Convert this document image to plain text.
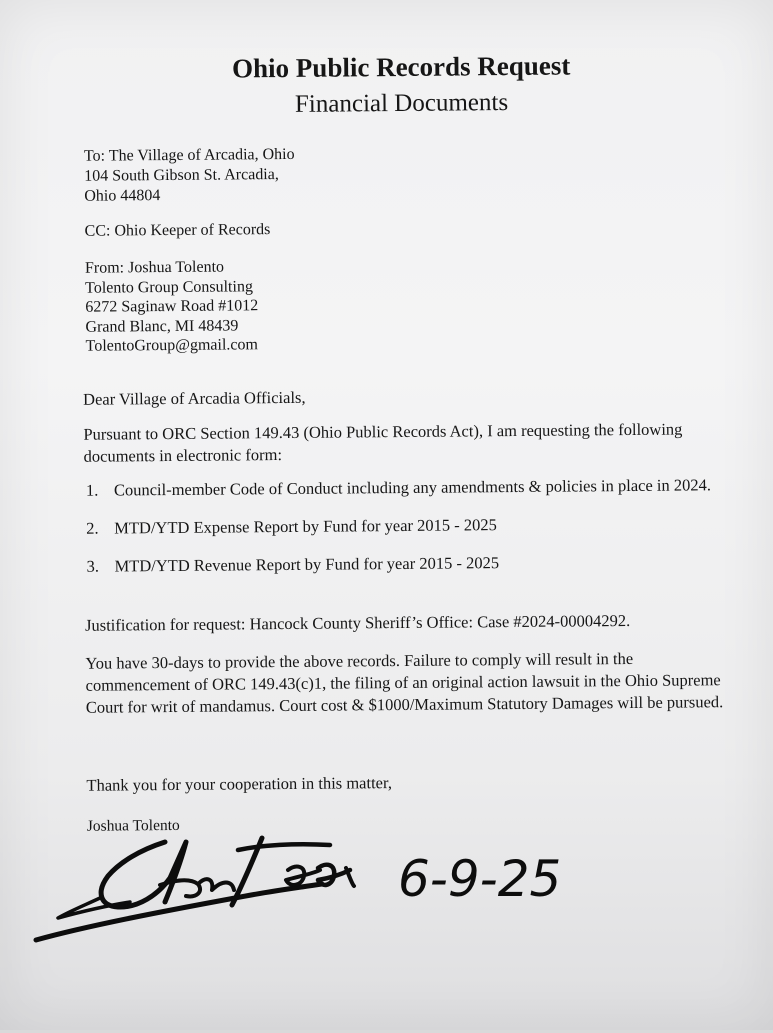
Ohio Public Records Request
Financial Documents
To: The Village of Arcadia, Ohio
104 South Gibson St. Arcadia,
Ohio 44804
CC: Ohio Keeper of Records
From: Joshua Tolento
Tolento Group Consulting
6272 Saginaw Road #1012
Grand Blanc, MI 48439
TolentoGroup@gmail.com
Dear Village of Arcadia Officials,
Pursuant to ORC Section 149.43 (Ohio Public Records Act), I am requesting the following
documents in electronic form:
1. Council-member Code of Conduct including any amendments & policies in place in 2024.
2. MTD/YTD Expense Report by Fund for year 2015 - 2025
3. MTD/YTD Revenue Report by Fund for year 2015 - 2025
Justification for request: Hancock County Sheriff’s Office: Case #2024-00004292.
You have 30-days to provide the above records. Failure to comply will result in the
commencement of ORC 149.43(c)1, the filing of an original action lawsuit in the Ohio Supreme
Court for writ of mandamus. Court cost & $1000/Maximum Statutory Damages will be pursued.
Thank you for your cooperation in this matter,
Joshua Tolento
6-9-25
